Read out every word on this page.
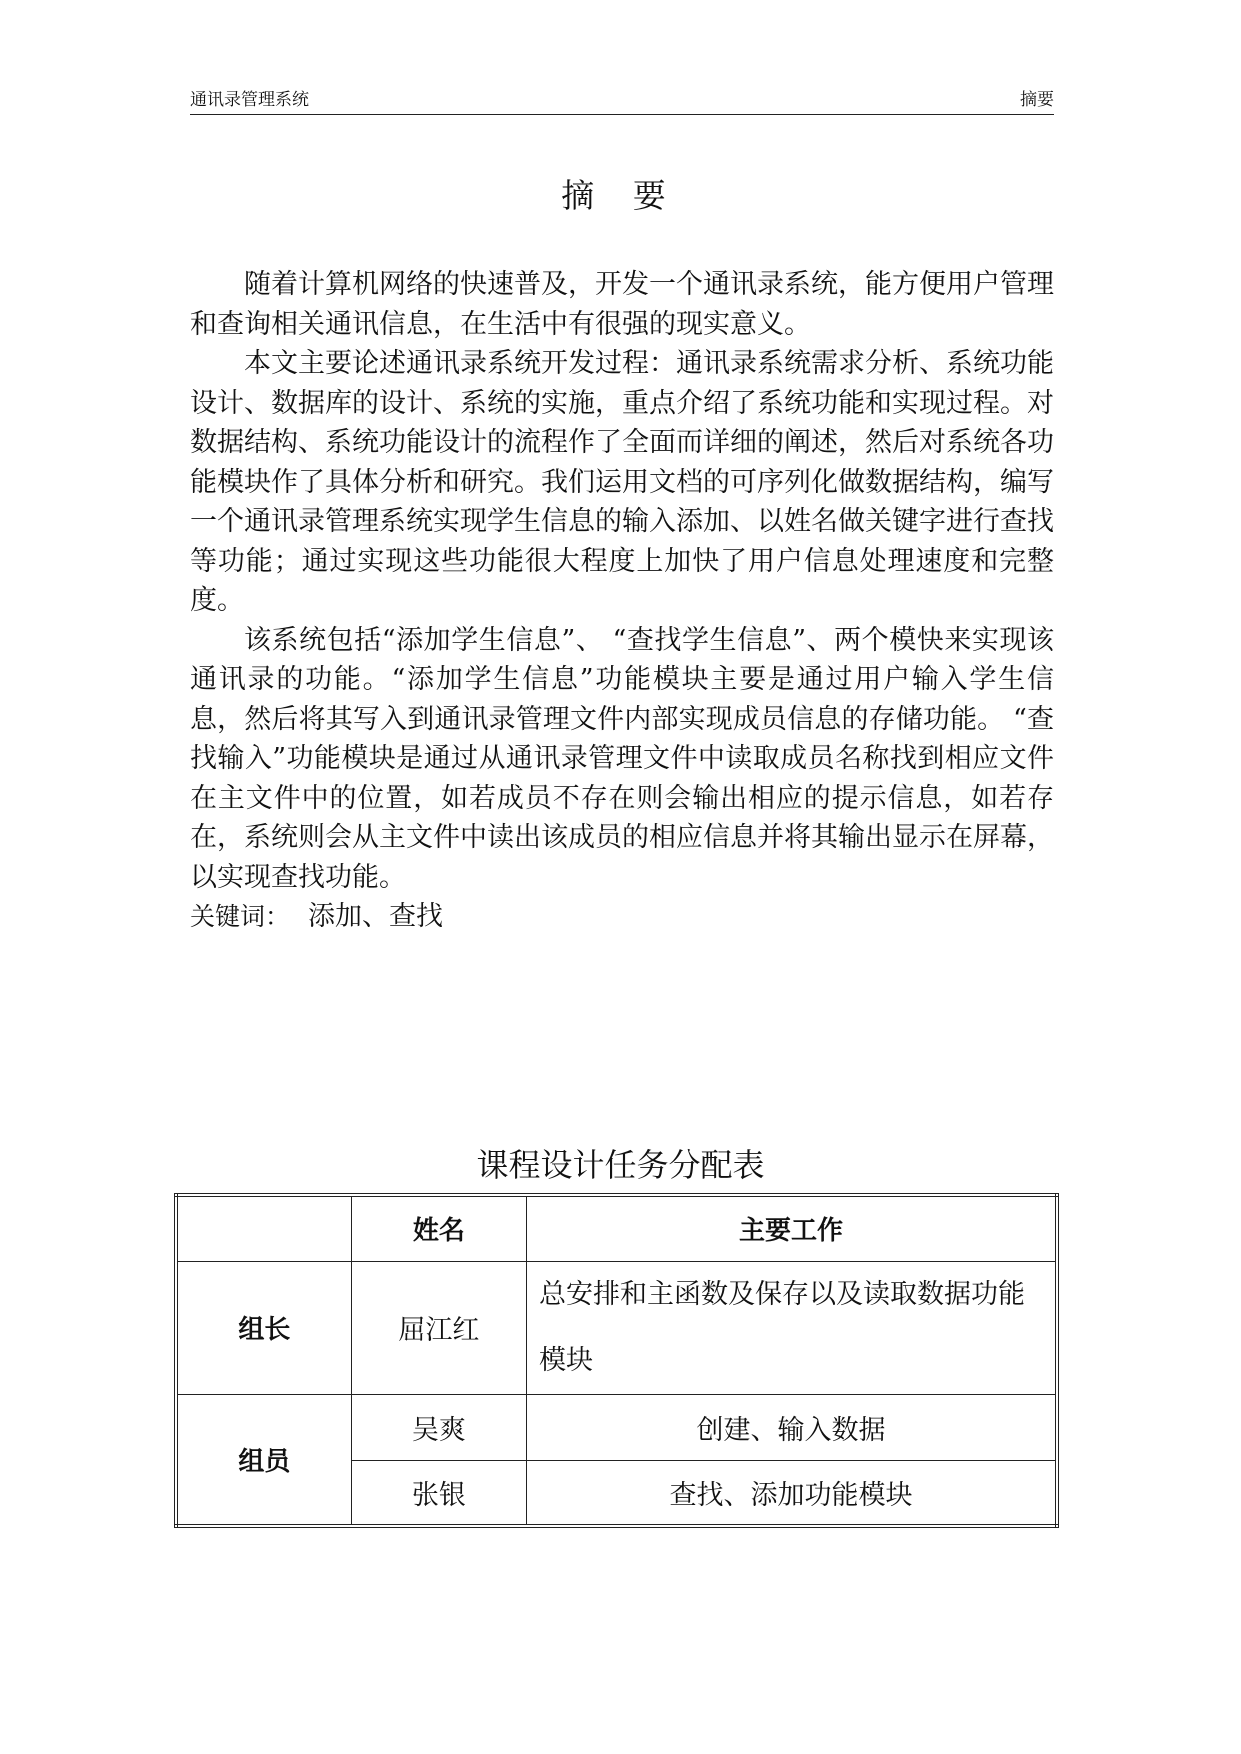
通讯录管理系统	摘要
摘 要

随着计算机网络的快速普及，开发一个通讯录系统，能方便用户管理和查询相关通讯信息，在生活中有很强的现实意义。

本文主要论述通讯录系统开发过程：通讯录系统需求分析、系统功能设计、数据库的设计、系统的实施，重点介绍了系统功能和实现过程。对数据结构、系统功能设计的流程作了全面而详细的阐述，然后对系统各功能模块作了具体分析和研究。我们运用文档的可序列化做数据结构，编写一个通讯录管理系统实现学生信息的输入添加、以姓名做关键字进行查找等功能；通过实现这些功能很大程度上加快了用户信息处理速度和完整度。

该系统包括“添加学生信息”、 “查找学生信息”、两个模快来实现该通讯录的功能。“添加学生信息”功能模块主要是通过用户输入学生信息，然后将其写入到通讯录管理文件内部实现成员信息的存储功能。 “查找输入”功能模块是通过从通讯录管理文件中读取成员名称找到相应文件在主文件中的位置，如若成员不存在则会输出相应的提示信息，如若存在，系统则会从主文件中读出该成员的相应信息并将其输出显示在屏幕，以实现查找功能。

关键词： 添加、查找
课程设计任务分配表
	姓名	主要工作
组长	屈江红	总安排和主函数及保存以及读取数据功能模块
组员	吴爽	创建、输入数据
	张银	查找、添加功能模块
